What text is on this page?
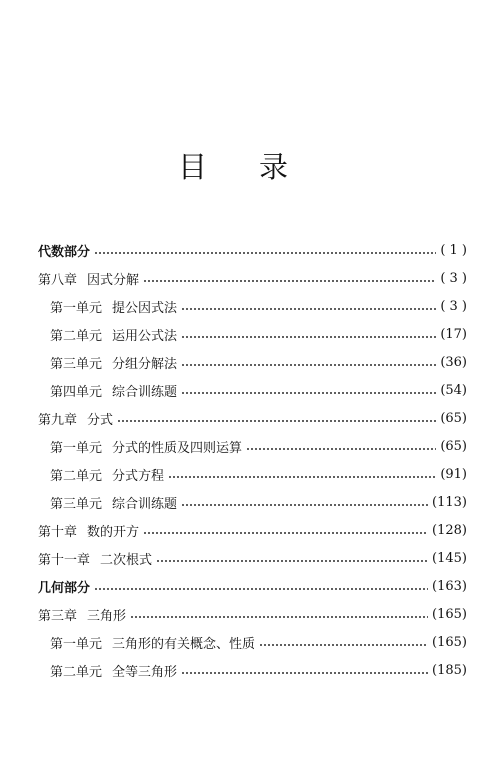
目 录
代数部分	( 1 )
第八章 因式分解	( 3 )
第一单元 提公因式法	( 3 )
第二单元 运用公式法	(17)
第三单元 分组分解法	(36)
第四单元 综合训练题	(54)
第九章 分式	(65)
第一单元 分式的性质及四则运算	(65)
第二单元 分式方程	(91)
第三单元 综合训练题	(113)
第十章 数的开方	(128)
第十一章 二次根式	(145)
几何部分	(163)
第三章 三角形	(165)
第一单元 三角形的有关概念、性质	(165)
第二单元 全等三角形	(185)
